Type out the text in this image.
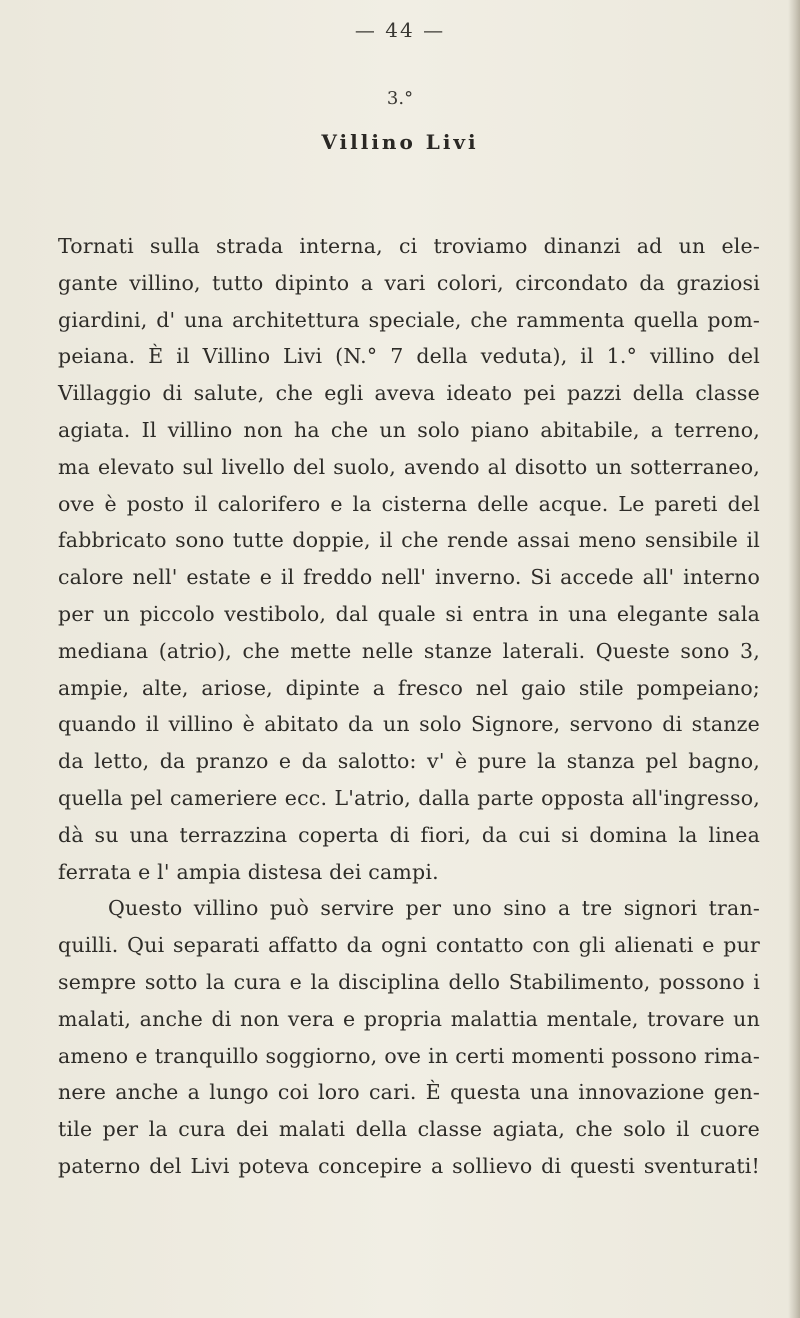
— 44 —
3.°
Villino Livi
Tornati sulla strada interna, ci troviamo dinanzi ad un ele-
gante villino, tutto dipinto a vari colori, circondato da graziosi
giardini, d' una architettura speciale, che rammenta quella pom-
peiana. È il Villino Livi (N.° 7 della veduta), il 1.° villino del
Villaggio di salute, che egli aveva ideato pei pazzi della classe
agiata. Il villino non ha che un solo piano abitabile, a terreno,
ma elevato sul livello del suolo, avendo al disotto un sotterraneo,
ove è posto il calorifero e la cisterna delle acque. Le pareti del
fabbricato sono tutte doppie, il che rende assai meno sensibile il
calore nell' estate e il freddo nell' inverno. Si accede all' interno
per un piccolo vestibolo, dal quale si entra in una elegante sala
mediana (atrio), che mette nelle stanze laterali. Queste sono 3,
ampie, alte, ariose, dipinte a fresco nel gaio stile pompeiano;
quando il villino è abitato da un solo Signore, servono di stanze
da letto, da pranzo e da salotto: v' è pure la stanza pel bagno,
quella pel cameriere ecc. L'atrio, dalla parte opposta all'ingresso,
dà su una terrazzina coperta di fiori, da cui si domina la linea
ferrata e l' ampia distesa dei campi.
Questo villino può servire per uno sino a tre signori tran-
quilli. Qui separati affatto da ogni contatto con gli alienati e pur
sempre sotto la cura e la disciplina dello Stabilimento, possono i
malati, anche di non vera e propria malattia mentale, trovare un
ameno e tranquillo soggiorno, ove in certi momenti possono rima-
nere anche a lungo coi loro cari. È questa una innovazione gen-
tile per la cura dei malati della classe agiata, che solo il cuore
paterno del Livi poteva concepire a sollievo di questi sventurati!
